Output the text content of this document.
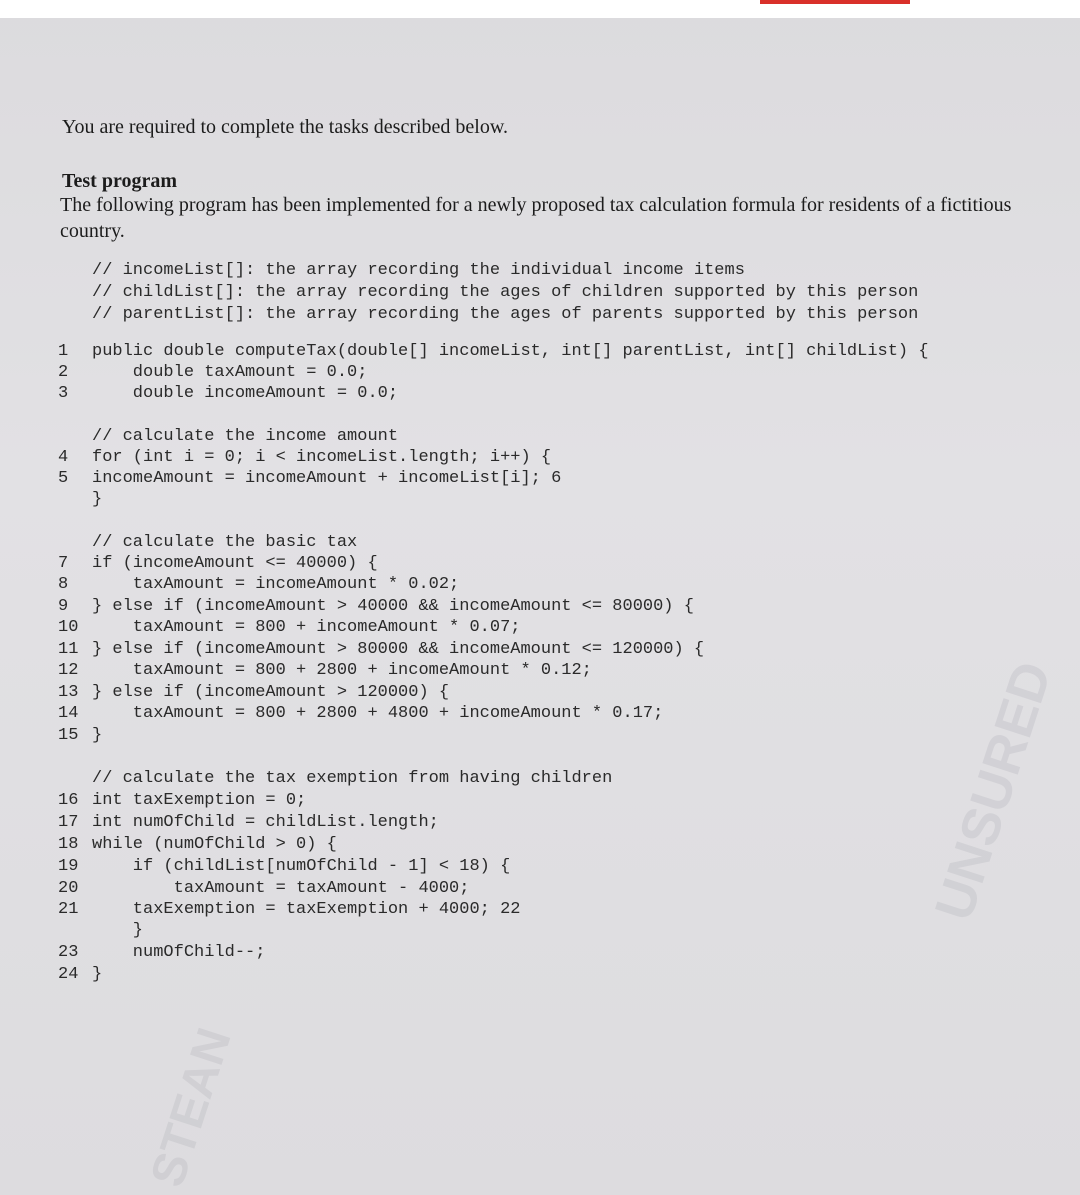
UNSURED
STEAN

You are required to complete the tasks described below.

Test program

The following program has been implemented for a newly proposed tax calculation formula for residents of a fictitious country.

// incomeList[]: the array recording the individual income items
// childList[]: the array recording the ages of children supported by this person
// parentList[]: the array recording the ages of parents supported by this person
1 public double computeTax(double[] incomeList, int[] parentList, int[] childList) {
2    double taxAmount = 0.0;
3    double incomeAmount = 0.0;
// calculate the income amount
4 for (int i = 0; i < incomeList.length; i++) {
5 incomeAmount = incomeAmount + incomeList[i]; 6
}
// calculate the basic tax
7 if (incomeAmount <= 40000) {
8    taxAmount = incomeAmount * 0.02;
9 } else if (incomeAmount > 40000 && incomeAmount <= 80000) {
10    taxAmount = 800 + incomeAmount * 0.07;
11 } else if (incomeAmount > 80000 && incomeAmount <= 120000) {
12    taxAmount = 800 + 2800 + incomeAmount * 0.12;
13 } else if (incomeAmount > 120000) {
14    taxAmount = 800 + 2800 + 4800 + incomeAmount * 0.17;
15 }
// calculate the tax exemption from having children
16 int taxExemption = 0;
17 int numOfChild = childList.length;
18 while (numOfChild > 0) {
19    if (childList[numOfChild - 1] < 18) {
20        taxAmount = taxAmount - 4000;
21    taxExemption = taxExemption + 4000; 22
}
23    numOfChild--;
24 }
